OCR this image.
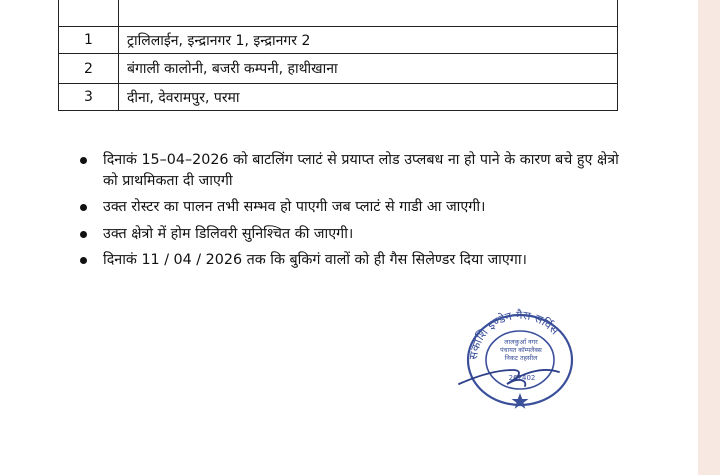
1	ट्रालिलाईन, इन्द्रानगर 1, इन्द्रानगर 2
2	बंगाली कालोनी, बजरी कम्पनी, हाथीखाना
3	दीना, देवरामपुर, परमा
दिनाकं 15–04–2026 को बाटलिंग प्लाटं से प्रयाप्त लोड उप्लबध ना हो पाने के कारण बचे हुए क्षेत्रो को प्राथमिकता दी जाएगी
उक्त रोस्टर का पालन तभी सम्भव हो पाएगी जब प्लाटं से गाडी आ जाएगी।
उक्त क्षेत्रो में होम डिलिवरी सुनिश्चित की जाएगी।
दिनाकं 11 / 04 / 2026 तक कि बुकिगं वालों को ही गैस सिलेण्डर दिया जाएगा।
सकाशि इण्डेन गैस सर्विस
लालकुआँ नगर
पंचायत कॉम्पलैक्स
निकट तहसील
262402
